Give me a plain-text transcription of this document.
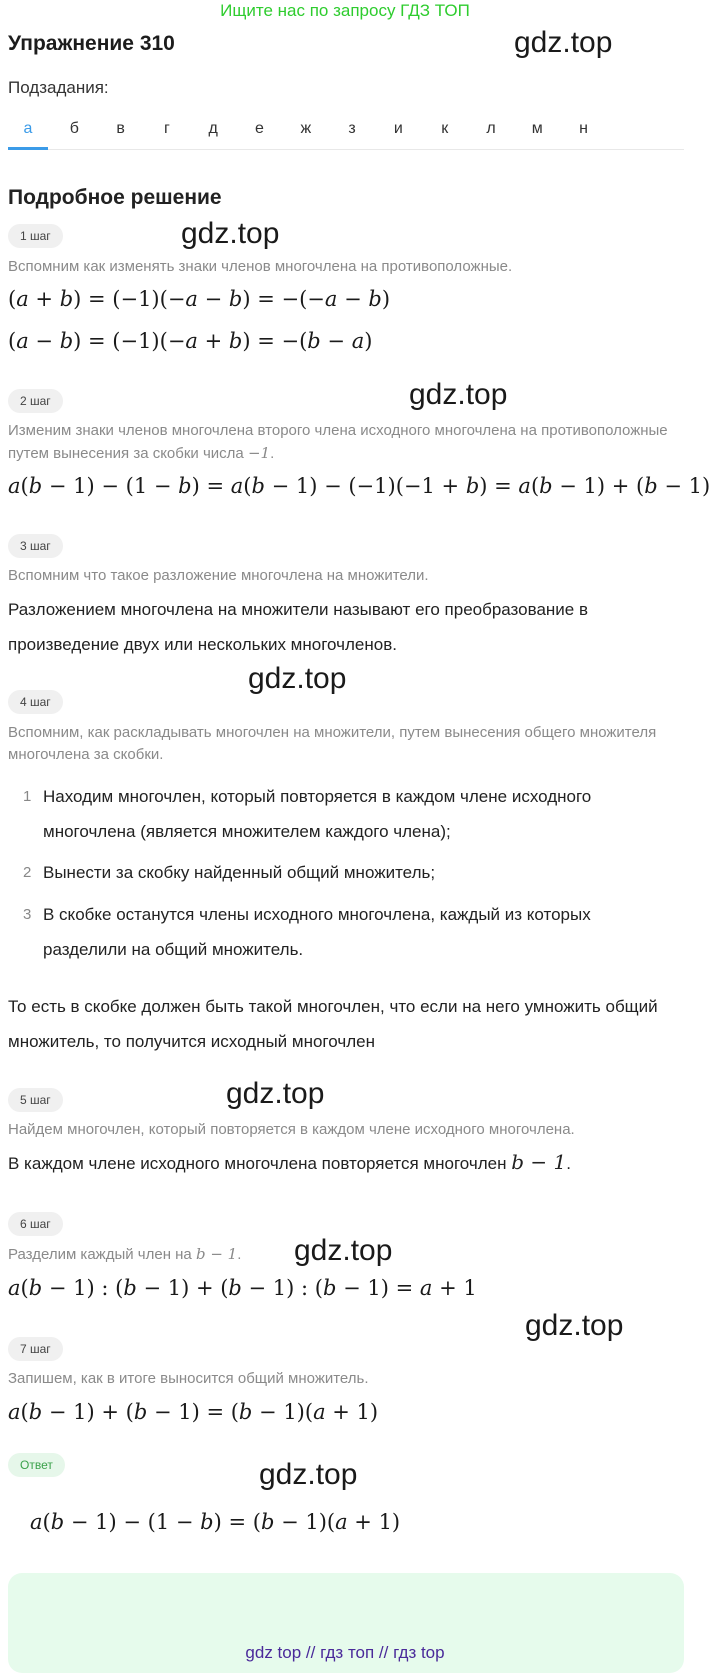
Ищите нас по запросу ГДЗ ТОП
Упражнение 310	gdz.top
Подзадания:
а	б	в	г	д	е	ж	з	и	к	л	м	н
Подробное решение
1 шаг	gdz.top
Вспомним как изменять знаки членов многочлена на противоположные.
(a + b) = (−1)(−a − b) = −(−a − b)
(a − b) = (−1)(−a + b) = −(b − a)
2 шаг	gdz.top
Изменим знаки членов многочлена второго члена исходного многочлена на противоположные путем вынесения за скобки числа −1.
a(b − 1) − (1 − b) = a(b − 1) − (−1)(−1 + b) = a(b − 1) + (b − 1)
3 шаг
Вспомним что такое разложение многочлена на множители.
Разложением многочлена на множители называют его преобразование в произведение двух или нескольких многочленов.
gdz.top
4 шаг
Вспомним, как раскладывать многочлен на множители, путем вынесения общего множителя многочлена за скобки.
1 Находим многочлен, который повторяется в каждом члене исходного многочлена (является множителем каждого члена);
2 Вынести за скобку найденный общий множитель;
3 В скобке останутся члены исходного многочлена, каждый из которых разделили на общий множитель.
То есть в скобке должен быть такой многочлен, что если на него умножить общий множитель, то получится исходный многочлен
gdz.top
5 шаг
Найдем многочлен, который повторяется в каждом члене исходного многочлена.
В каждом члене исходного многочлена повторяется многочлен b − 1.
6 шаг
gdz.top
Разделим каждый член на b − 1.
a(b − 1) : (b − 1) + (b − 1) : (b − 1) = a + 1
gdz.top
7 шаг
Запишем, как в итоге выносится общий множитель.
a(b − 1) + (b − 1) = (b − 1)(a + 1)
Ответ	gdz.top
a(b − 1) − (1 − b) = (b − 1)(a + 1)
gdz top // гдз топ // гдз top
